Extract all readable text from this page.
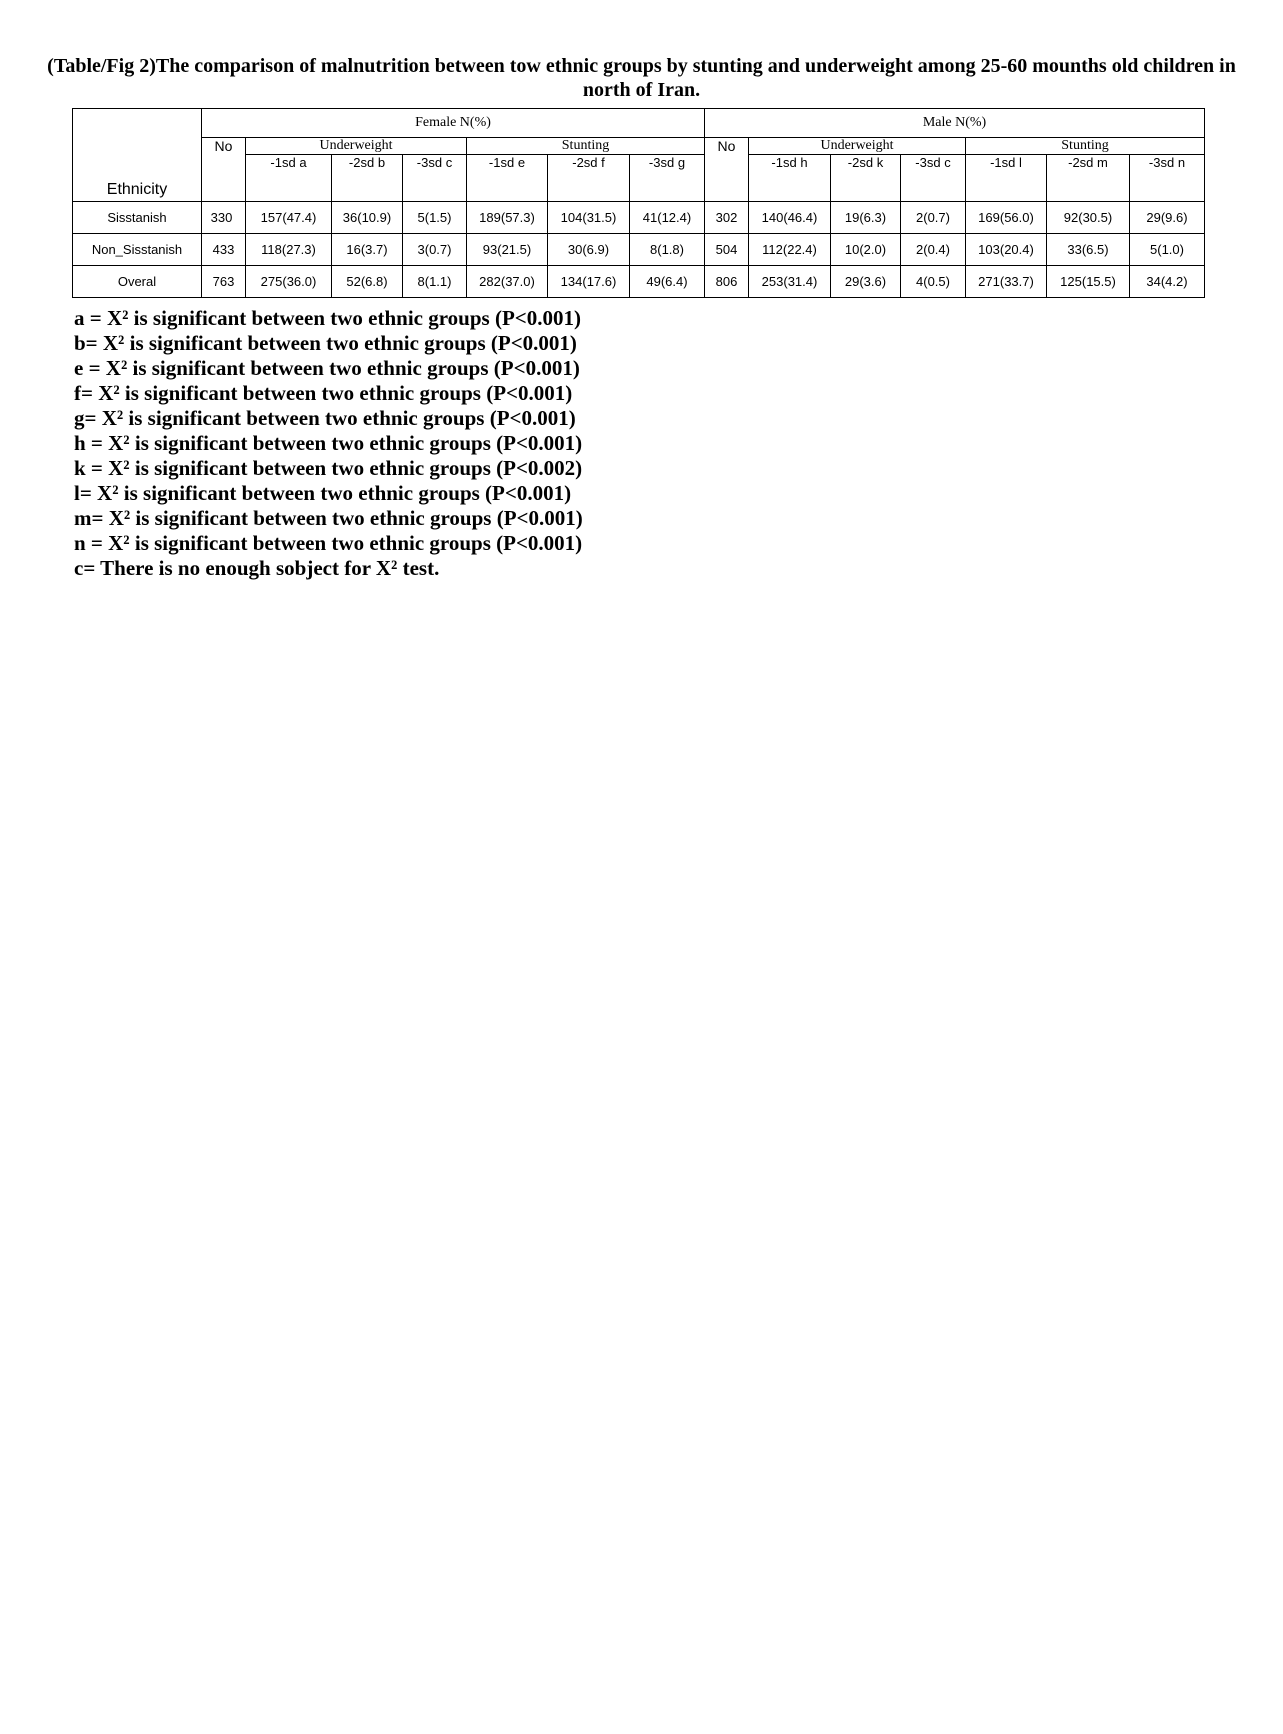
(Table/Fig 2)The comparison of malnutrition between tow ethnic groups by stunting and underweight among 25-60 mounths old children in north of Iran.
Ethnicity	Female N(%)							Male N(%)						
	No	Underweight			Stunting			No	Underweight			Stunting		
		-1sd a	-2sd b	-3sd c	-1sd e	-2sd f	-3sd g		-1sd h	-2sd k	-3sd c	-1sd l	-2sd m	-3sd n

Sisstanish	330	157(47.4)	36(10.9)	5(1.5)	189(57.3)	104(31.5)	41(12.4)	302	140(46.4)	19(6.3)	2(0.7)	169(56.0)	92(30.5)	29(9.6)
Non_Sisstanish	433	118(27.3)	16(3.7)	3(0.7)	93(21.5)	30(6.9)	8(1.8)	504	112(22.4)	10(2.0)	2(0.4)	103(20.4)	33(6.5)	5(1.0)
Overal	763	275(36.0)	52(6.8)	8(1.1)	282(37.0)	134(17.6)	49(6.4)	806	253(31.4)	29(3.6)	4(0.5)	271(33.7)	125(15.5)	34(4.2)
a = X² is significant between two ethnic groups (P<0.001)
b= X² is significant between two ethnic groups (P<0.001)
e = X² is significant between two ethnic groups (P<0.001)
f= X² is significant between two ethnic groups (P<0.001)
g= X² is significant between two ethnic groups (P<0.001)
h = X² is significant between two ethnic groups (P<0.001)
k = X² is significant between two ethnic groups (P<0.002)
l= X² is significant between two ethnic groups (P<0.001)
m= X² is significant between two ethnic groups (P<0.001)
n = X² is significant between two ethnic groups (P<0.001)
c= There is no enough sobject for X² test.
